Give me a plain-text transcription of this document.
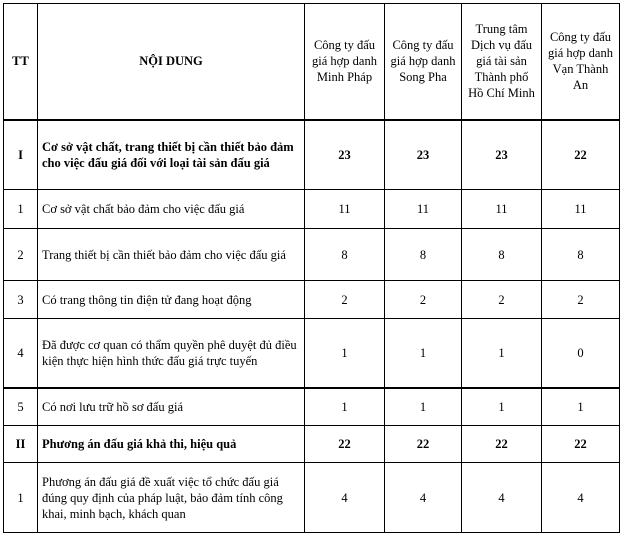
TT	NỘI DUNG	Công ty đấu giá hợp danh Minh Pháp	Công ty đấu giá hợp danh Song Pha	Trung tâm Dịch vụ đấu giá tài sản Thành phố Hồ Chí Minh	Công ty đấu giá hợp danh Vạn Thành An
I	Cơ sở vật chất, trang thiết bị cần thiết bảo đảm cho việc đấu giá đối với loại tài sản đấu giá	23	23	23	22
1	Cơ sở vật chất bảo đảm cho việc đấu giá	11	11	11	11
2	Trang thiết bị cần thiết bảo đảm cho việc đấu giá	8	8	8	8
3	Có trang thông tin điện tử đang hoạt động	2	2	2	2
4	Đã được cơ quan có thẩm quyền phê duyệt đủ điều kiện thực hiện hình thức đấu giá trực tuyến	1	1	1	0
5	Có nơi lưu trữ hồ sơ đấu giá	1	1	1	1
II	Phương án đấu giá khả thi, hiệu quả	22	22	22	22
1	Phương án đấu giá đề xuất việc tổ chức đấu giá đúng quy định của pháp luật, bảo đảm tính công khai, minh bạch, khách quan	4	4	4	4
